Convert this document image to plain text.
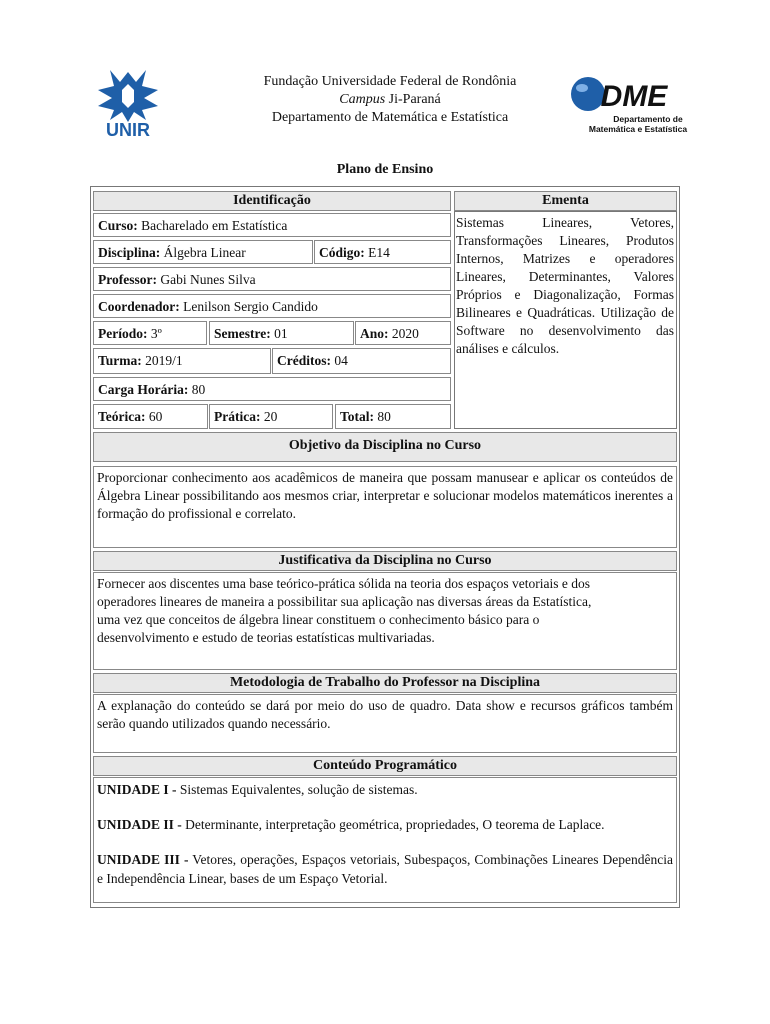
UNIR
Fundação Universidade Federal de Rondônia
Campus Ji-Paraná
Departamento de Matemática e Estatística
DME
Departamento de
Matemática e Estatística
Plano de Ensino
Identificação	Ementa
Sistemas Lineares, Vetores, Transformações Lineares, Produtos Internos, Matrizes e operadores Lineares, Determinantes, Valores Próprios e Diagonalização, Formas Bilineares e Quadráticas. Utilização de Software no desenvolvimento das análises e cálculos.
Curso: Bacharelado em Estatística
Disciplina: Álgebra Linear	Código: E14
Professor: Gabi Nunes Silva
Coordenador: Lenilson Sergio Candido
Período: 3º	Semestre: 01	Ano: 2020
Turma: 2019/1	Créditos: 04
Carga Horária: 80
Teórica: 60	Prática: 20	Total: 80
Objetivo da Disciplina no Curso
Proporcionar conhecimento aos acadêmicos de maneira que possam manusear e aplicar os conteúdos de Álgebra Linear possibilitando aos mesmos criar, interpretar e solucionar modelos matemáticos inerentes a formação do profissional e correlato.
Justificativa da Disciplina no Curso
Fornecer aos discentes uma base teórico-prática sólida na teoria dos espaços vetoriais e dos
operadores lineares de maneira a possibilitar sua aplicação nas diversas áreas da Estatística,
uma vez que conceitos de álgebra linear constituem o conhecimento básico para o
desenvolvimento e estudo de teorias estatísticas multivariadas.
Metodologia de Trabalho do Professor na Disciplina
A explanação do conteúdo se dará por meio do uso de quadro. Data show e recursos gráficos também serão quando utilizados quando necessário.
Conteúdo Programático

UNIDADE I - Sistemas Equivalentes, solução de sistemas.

UNIDADE II - Determinante, interpretação geométrica, propriedades, O teorema de Laplace.

UNIDADE III - Vetores, operações, Espaços vetoriais, Subespaços, Combinações Lineares Dependência e Independência Linear, bases de um Espaço Vetorial.
